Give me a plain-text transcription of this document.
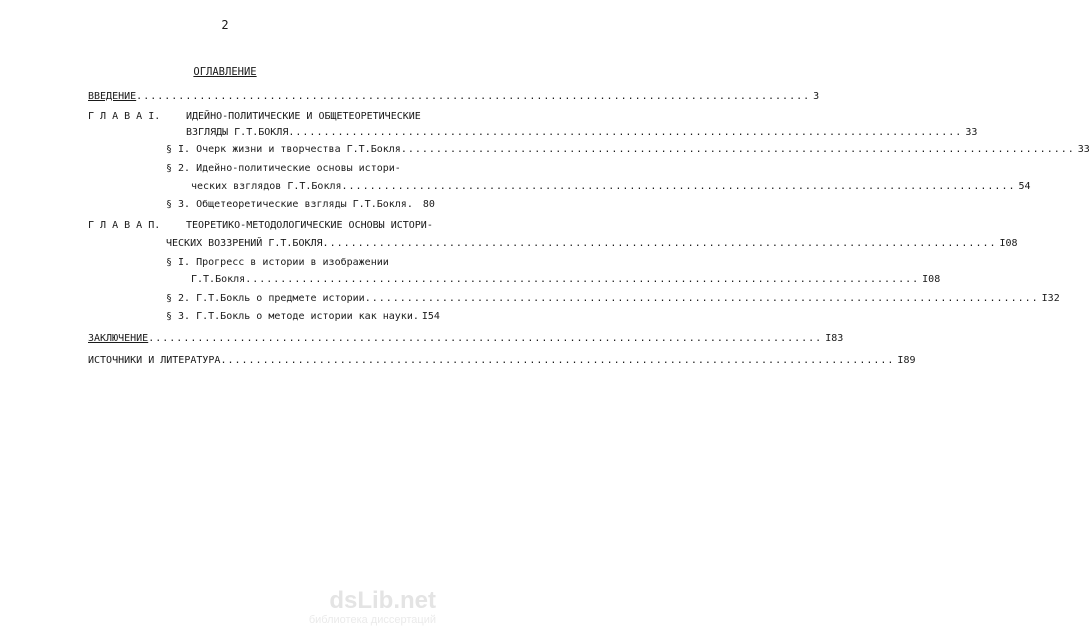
2
ОГЛАВЛЕНИЕ
ВВЕДЕНИЕ ................................................................................................ 3
Г Л А В А I.	ИДЕЙНО-ПОЛИТИЧЕСКИЕ И ОБЩЕТЕОРЕТИЧЕСКИЕ
ВЗГЛЯДЫ Г.Т.БОКЛЯ ................................................................................................ 33
§ I. Очерк жизни и творчества Г.Т.Бокля ................................................................................................ 33
§ 2. Идейно-политические основы истори-
ческих взглядов Г.Т.Бокля ................................................................................................ 54
§ 3. Общетеоретические взгляды Г.Т.Бокля.	80
Г Л А В А П.	ТЕОРЕТИКО-МЕТОДОЛОГИЧЕСКИЕ ОСНОВЫ ИСТОРИ-
ЧЕСКИХ ВОЗЗРЕНИЙ Г.Т.БОКЛЯ ................................................................................................ I08
§ I. Прогресс в истории в изображении
Г.Т.Бокля ................................................................................................ I08
§ 2. Г.Т.Бокль о предмете истории ................................................................................................ I32
§ 3. Г.Т.Бокль о методе истории как науки. I54
ЗАКЛЮЧЕНИЕ ................................................................................................ I83
ИСТОЧНИКИ И ЛИТЕРАТУРА ................................................................................................ I89
dsLib.net
библиотека диссертаций
